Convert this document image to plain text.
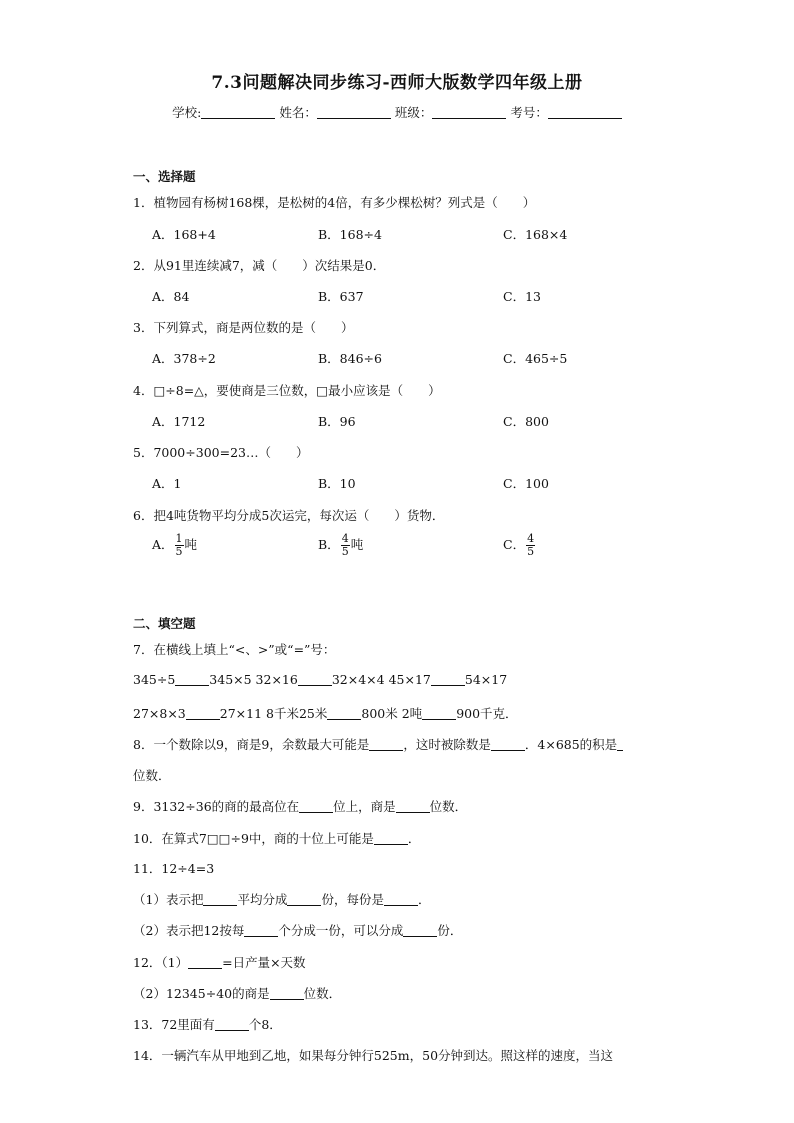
7.3问题解决同步练习-西师大版数学四年级上册
学校:	姓名：	班级：	考号：
一、选择题
1．植物园有杨树168棵，是松树的4倍，有多少棵松树？列式是（　　）
A．168+4	B．168÷4	C．168×4
2．从91里连续减7，减（　　）次结果是0．
A．84	B．637	C．13
3．下列算式，商是两位数的是（　　）
A．378÷2	B．846÷6	C．465÷5
4．□÷8=△，要使商是三位数，□最小应该是（　　）
A．1712	B．96	C．800
5．7000÷300=23…（　　）
A．1	B．10	C．100
6．把4吨货物平均分成5次运完，每次运（　　）货物．
A． $\frac{1}{5}$ 吨	B． $\frac{4}{5}$ 吨	C． $\frac{4}{5}$
二、填空题
7．在横线上填上“<、>”或“=”号：
345÷5	345×5 32×16	32×4×4 45×17	54×17
27×8×3	27×11 8千米25米	800米 2吨	900千克．
8．一个数除以9，商是9，余数最大可能是	，这时被除数是	．4×685的积是
位数．
9．3132÷36的商的最高位在	位上，商是	位数．
10．在算式7□□÷9中，商的十位上可能是	．
11．12÷4=3
（1）表示把	平均分成	份，每份是	．
（2）表示把12按每	个分成一份，可以分成	份．
12．（1）	=日产量×天数
（2）12345÷40的商是	位数．
13．72里面有	个8．
14．一辆汽车从甲地到乙地，如果每分钟行525m，50分钟到达。照这样的速度，当这
